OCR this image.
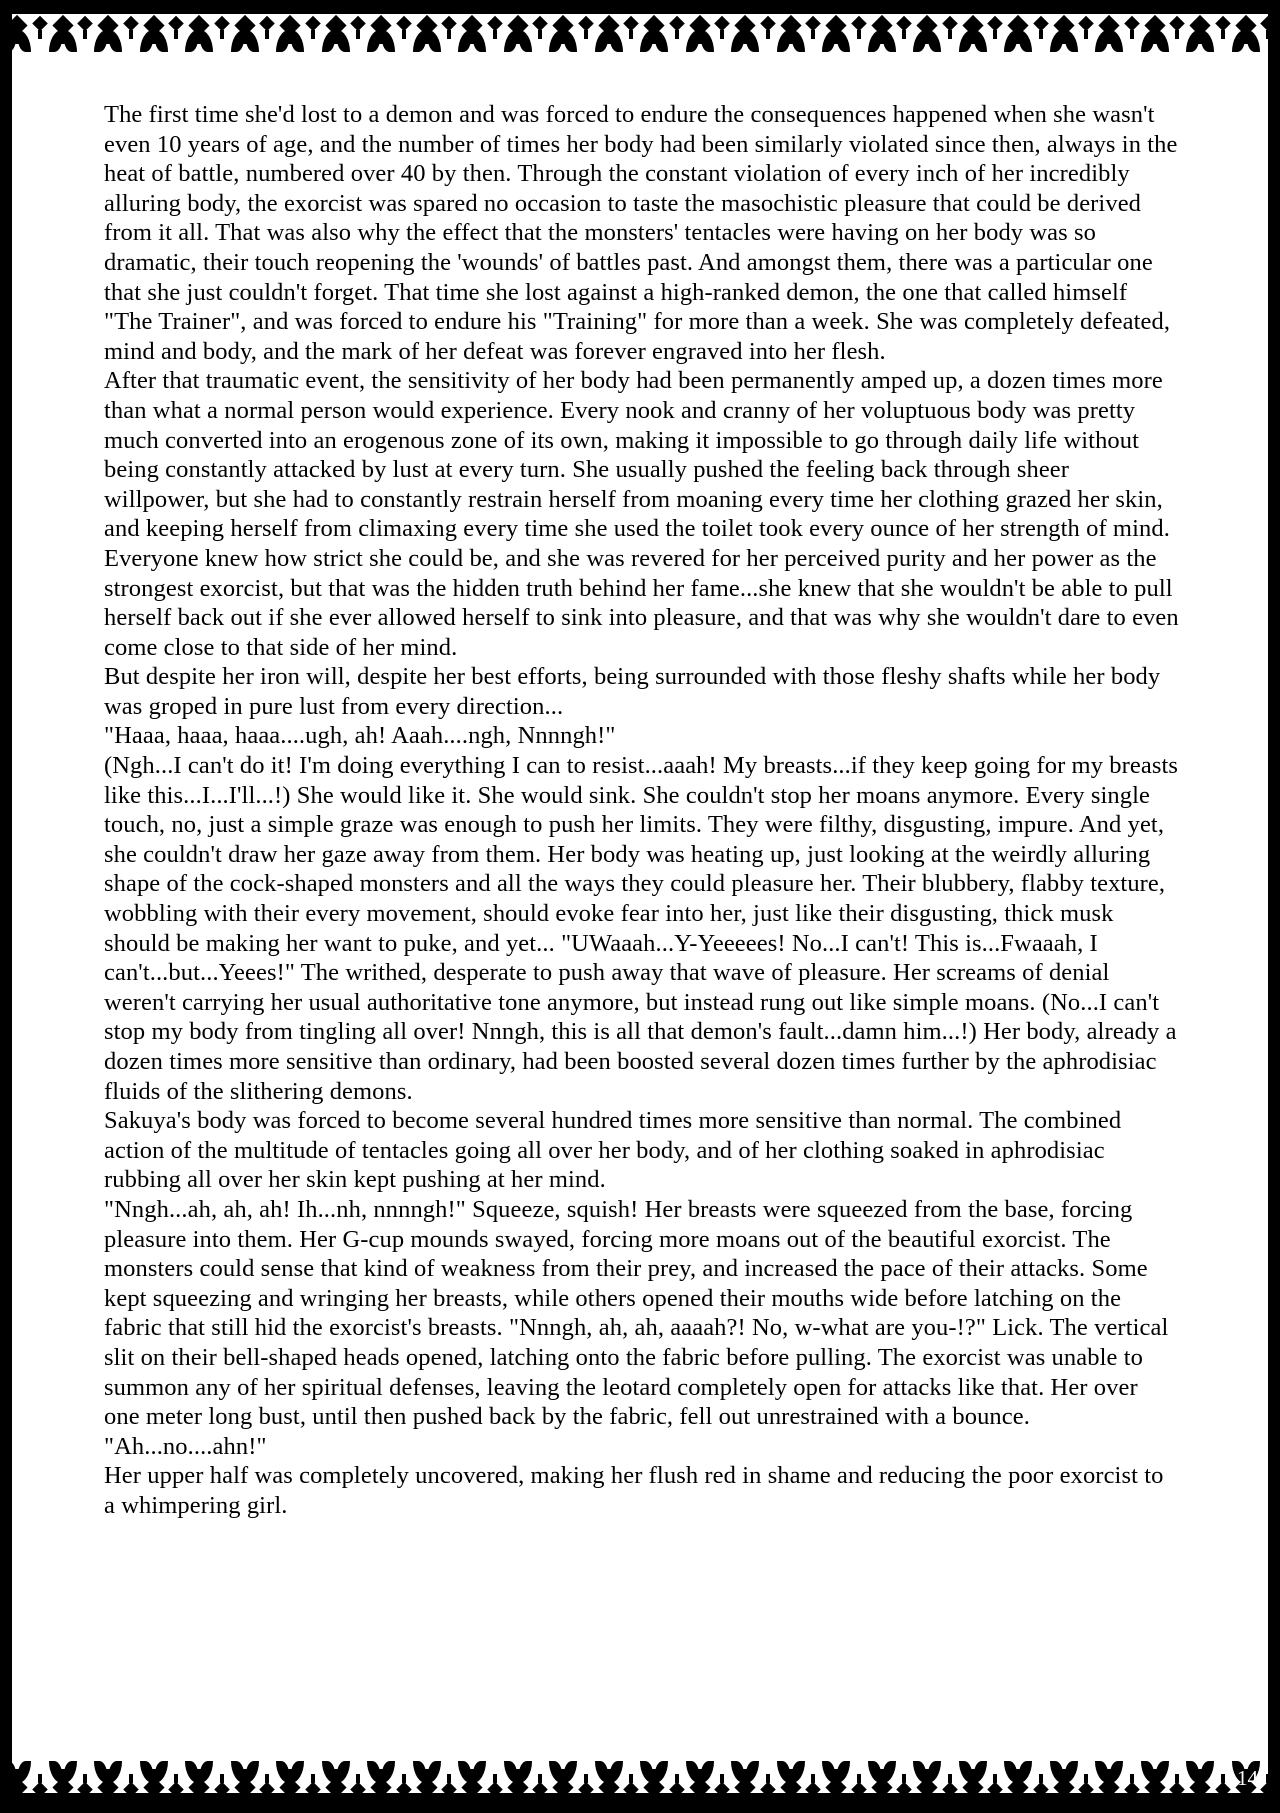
The first time she'd lost to a demon and was forced to endure the consequences happened when she wasn't even 10 years of age, and the number of times her body had been similarly violated since then, always in the heat of battle, numbered over 40 by then. Through the constant violation of every inch of her incredibly alluring body, the exorcist was spared no occasion to taste the masochistic pleasure that could be derived from it all. That was also why the effect that the monsters' tentacles were having on her body was so dramatic, their touch reopening the 'wounds' of battles past. And amongst them, there was a particular one that she just couldn't forget. That time she lost against a high-ranked demon, the one that called himself "The Trainer", and was forced to endure his "Training" for more than a week. She was completely defeated, mind and body, and the mark of her defeat was forever engraved into her flesh.

After that traumatic event, the sensitivity of her body had been permanently amped up, a dozen times more than what a normal person would experience. Every nook and cranny of her voluptuous body was pretty much converted into an erogenous zone of its own, making it impossible to go through daily life without being constantly attacked by lust at every turn. She usually pushed the feeling back through sheer willpower, but she had to constantly restrain herself from moaning every time her clothing grazed her skin, and keeping herself from climaxing every time she used the toilet took every ounce of her strength of mind.

Everyone knew how strict she could be, and she was revered for her perceived purity and her power as the strongest exorcist, but that was the hidden truth behind her fame...she knew that she wouldn't be able to pull herself back out if she ever allowed herself to sink into pleasure, and that was why she wouldn't dare to even come close to that side of her mind.

But despite her iron will, despite her best efforts, being surrounded with those fleshy shafts while her body was groped in pure lust from every direction...

"Haaa, haaa, haaa....ugh, ah! Aaah....ngh, Nnnngh!"

(Ngh...I can't do it! I'm doing everything I can to resist...aaah! My breasts...if they keep going for my breasts like this...I...I'll...!) She would like it. She would sink. She couldn't stop her moans anymore. Every single touch, no, just a simple graze was enough to push her limits. They were filthy, disgusting, impure. And yet, she couldn't draw her gaze away from them. Her body was heating up, just looking at the weirdly alluring shape of the cock-shaped monsters and all the ways they could pleasure her. Their blubbery, flabby texture, wobbling with their every movement, should evoke fear into her, just like their disgusting, thick musk should be making her want to puke, and yet... "UWaaah...Y-Yeeeees! No...I can't! This is...Fwaaah, I can't...but...Yeees!" The writhed, desperate to push away that wave of pleasure. Her screams of denial weren't carrying her usual authoritative tone anymore, but instead rung out like simple moans. (No...I can't stop my body from tingling all over! Nnngh, this is all that demon's fault...damn him...!) Her body, already a dozen times more sensitive than ordinary, had been boosted several dozen times further by the aphrodisiac fluids of the slithering demons.

Sakuya's body was forced to become several hundred times more sensitive than normal. The combined action of the multitude of tentacles going all over her body, and of her clothing soaked in aphrodisiac rubbing all over her skin kept pushing at her mind.

"Nngh...ah, ah, ah! Ih...nh, nnnngh!" Squeeze, squish! Her breasts were squeezed from the base, forcing pleasure into them. Her G-cup mounds swayed, forcing more moans out of the beautiful exorcist. The monsters could sense that kind of weakness from their prey, and increased the pace of their attacks. Some kept squeezing and wringing her breasts, while others opened their mouths wide before latching on the fabric that still hid the exorcist's breasts. "Nnngh, ah, ah, aaaah?! No, w-what are you-!?" Lick. The vertical slit on their bell-shaped heads opened, latching onto the fabric before pulling. The exorcist was unable to summon any of her spiritual defenses, leaving the leotard completely open for attacks like that. Her over one meter long bust, until then pushed back by the fabric, fell out unrestrained with a bounce.

"Ah...no....ahn!"

Her upper half was completely uncovered, making her flush red in shame and reducing the poor exorcist to a whimpering girl.

14
